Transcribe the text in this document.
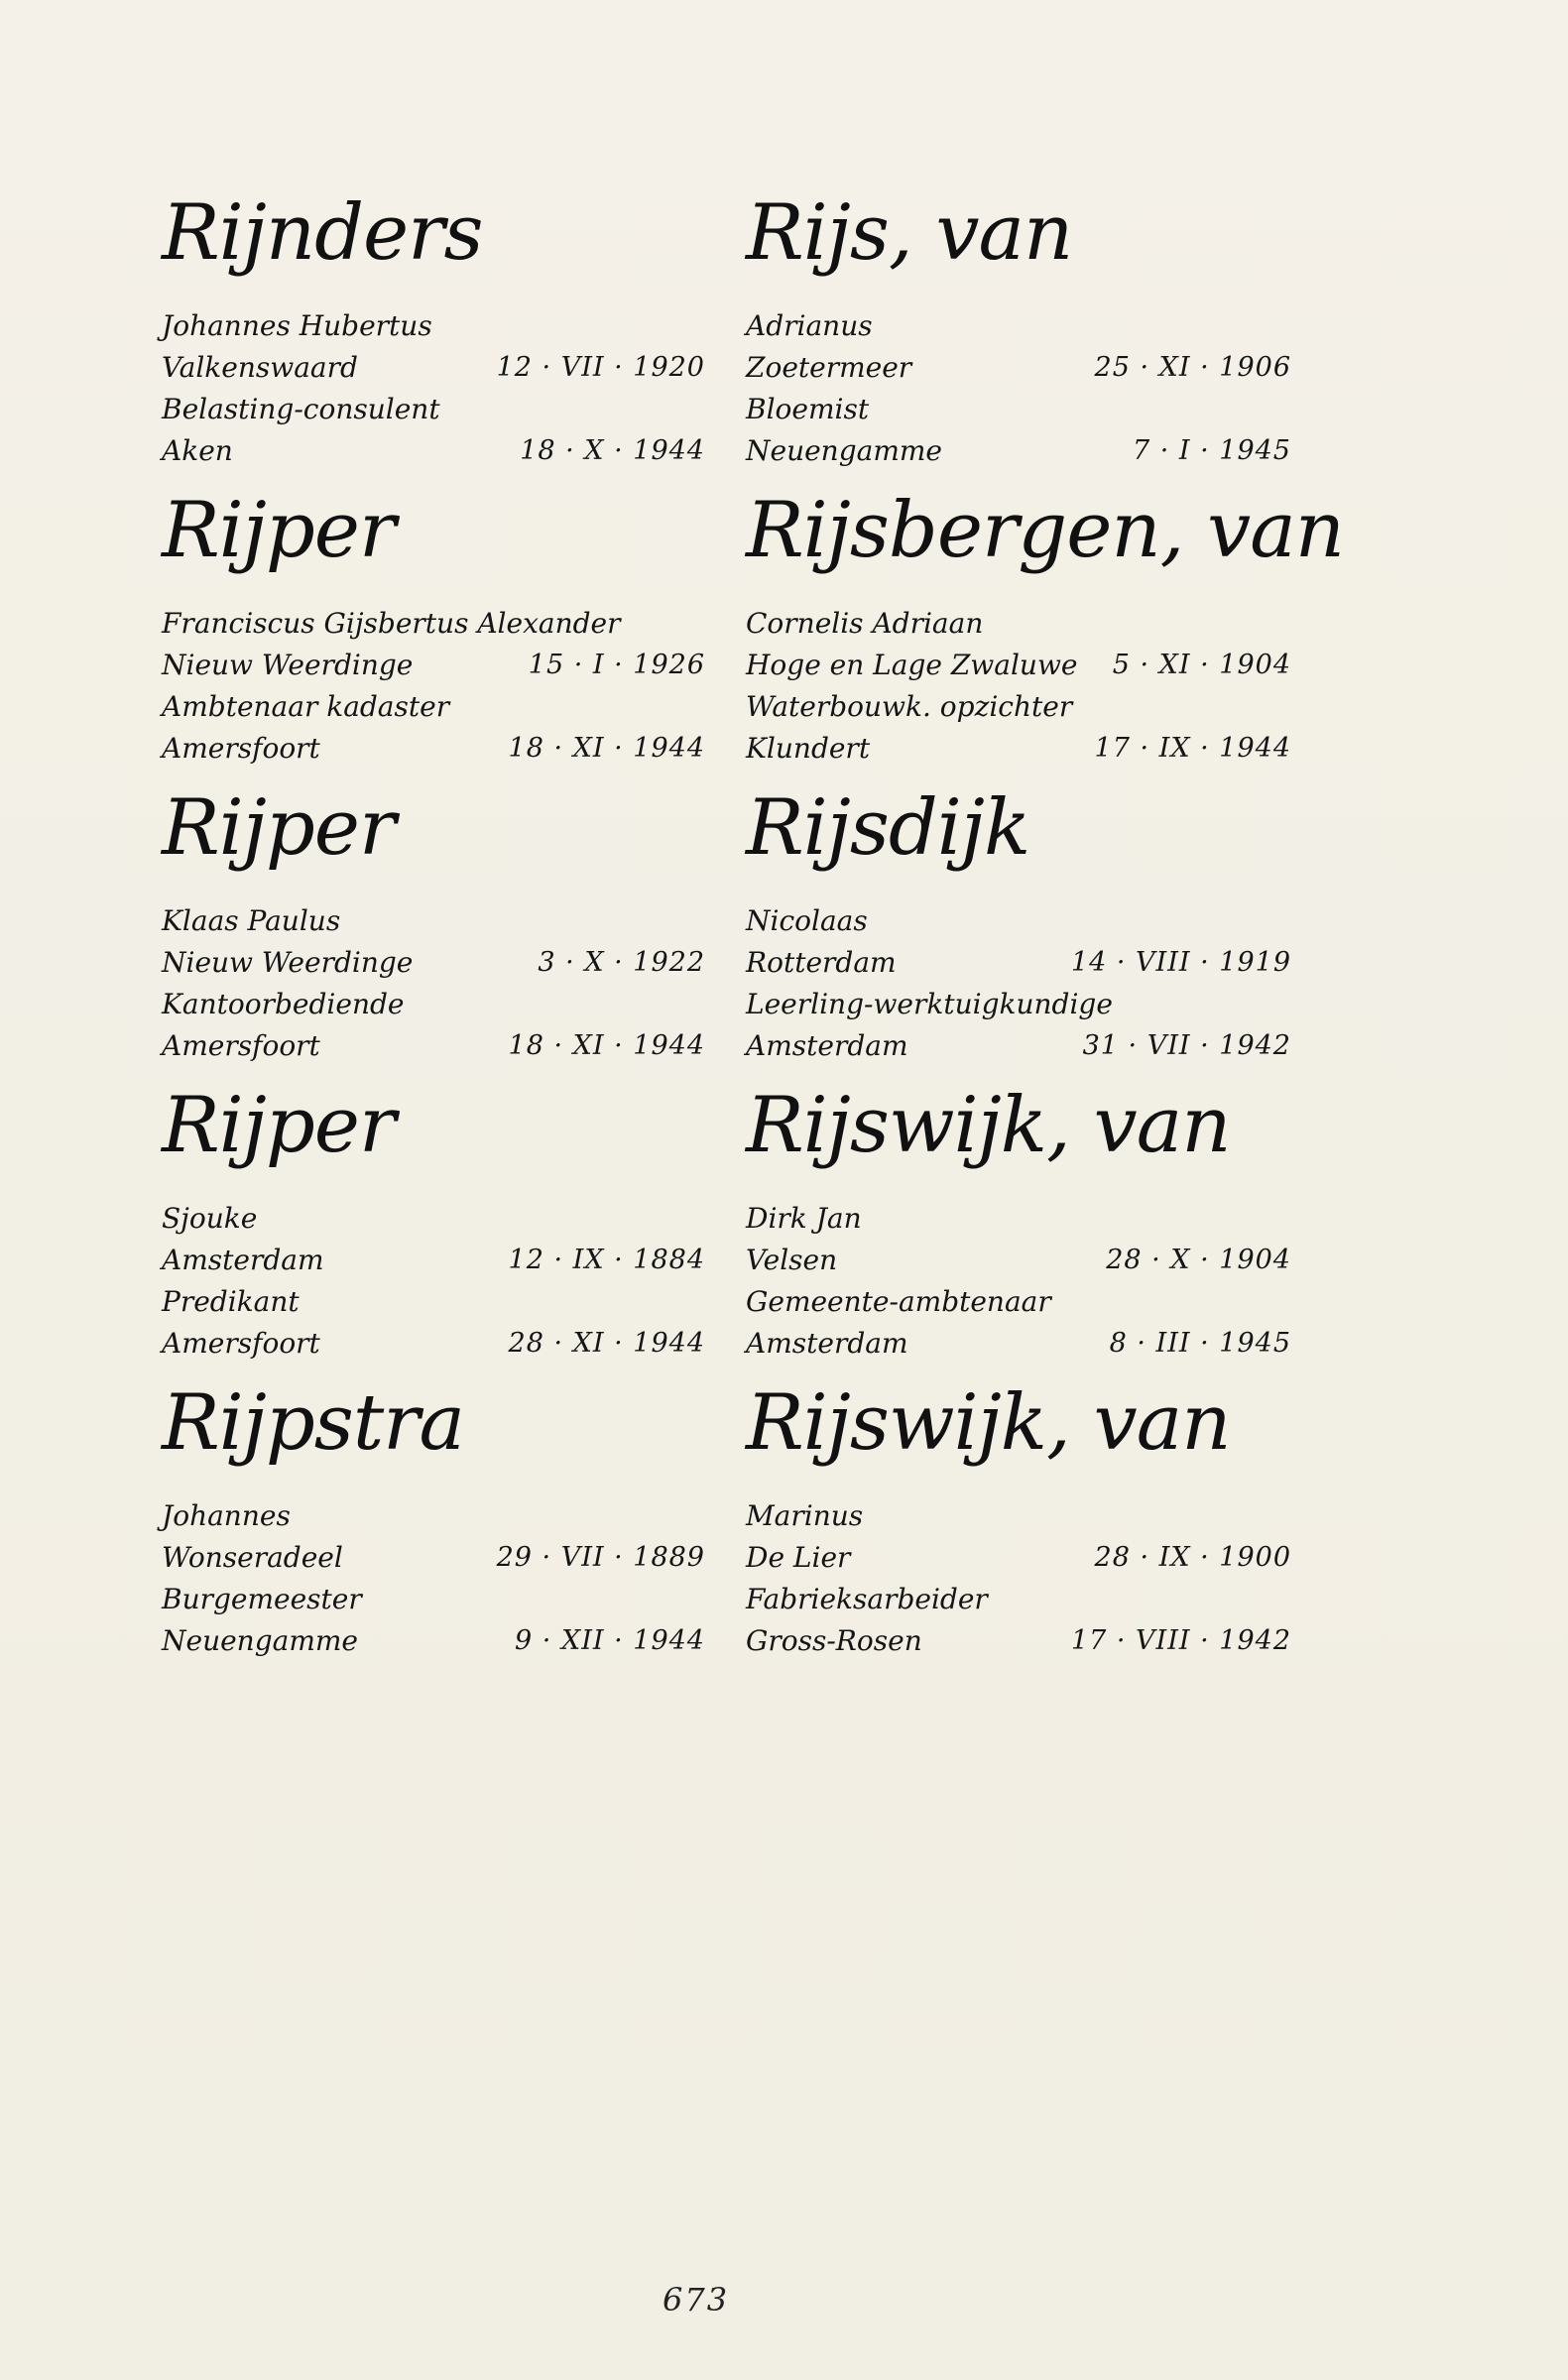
Rijnders
Johannes Hubertus
Valkenswaard	12 · VII · 1920
Belasting-consulent
Aken	18 · X · 1944
Rijper
Franciscus Gijsbertus Alexander
Nieuw Weerdinge	15 · I · 1926
Ambtenaar kadaster
Amersfoort	18 · XI · 1944
Rijper
Klaas Paulus
Nieuw Weerdinge	3 · X · 1922
Kantoorbediende
Amersfoort	18 · XI · 1944
Rijper
Sjouke
Amsterdam	12 · IX · 1884
Predikant
Amersfoort	28 · XI · 1944
Rijpstra
Johannes
Wonseradeel	29 · VII · 1889
Burgemeester
Neuengamme	9 · XII · 1944
Rijs, van
Adrianus
Zoetermeer	25 · XI · 1906
Bloemist
Neuengamme	7 · I · 1945
Rijsbergen, van
Cornelis Adriaan
Hoge en Lage Zwaluwe 5 · XI · 1904
Waterbouwk. opzichter
Klundert	17 · IX · 1944
Rijsdijk
Nicolaas
Rotterdam	14 · VIII · 1919
Leerling-werktuigkundige
Amsterdam	31 · VII · 1942
Rijswijk, van
Dirk Jan
Velsen	28 · X · 1904
Gemeente-ambtenaar
Amsterdam	8 · III · 1945
Rijswijk, van
Marinus
De Lier	28 · IX · 1900
Fabrieksarbeider
Gross-Rosen	17 · VIII · 1942
673
